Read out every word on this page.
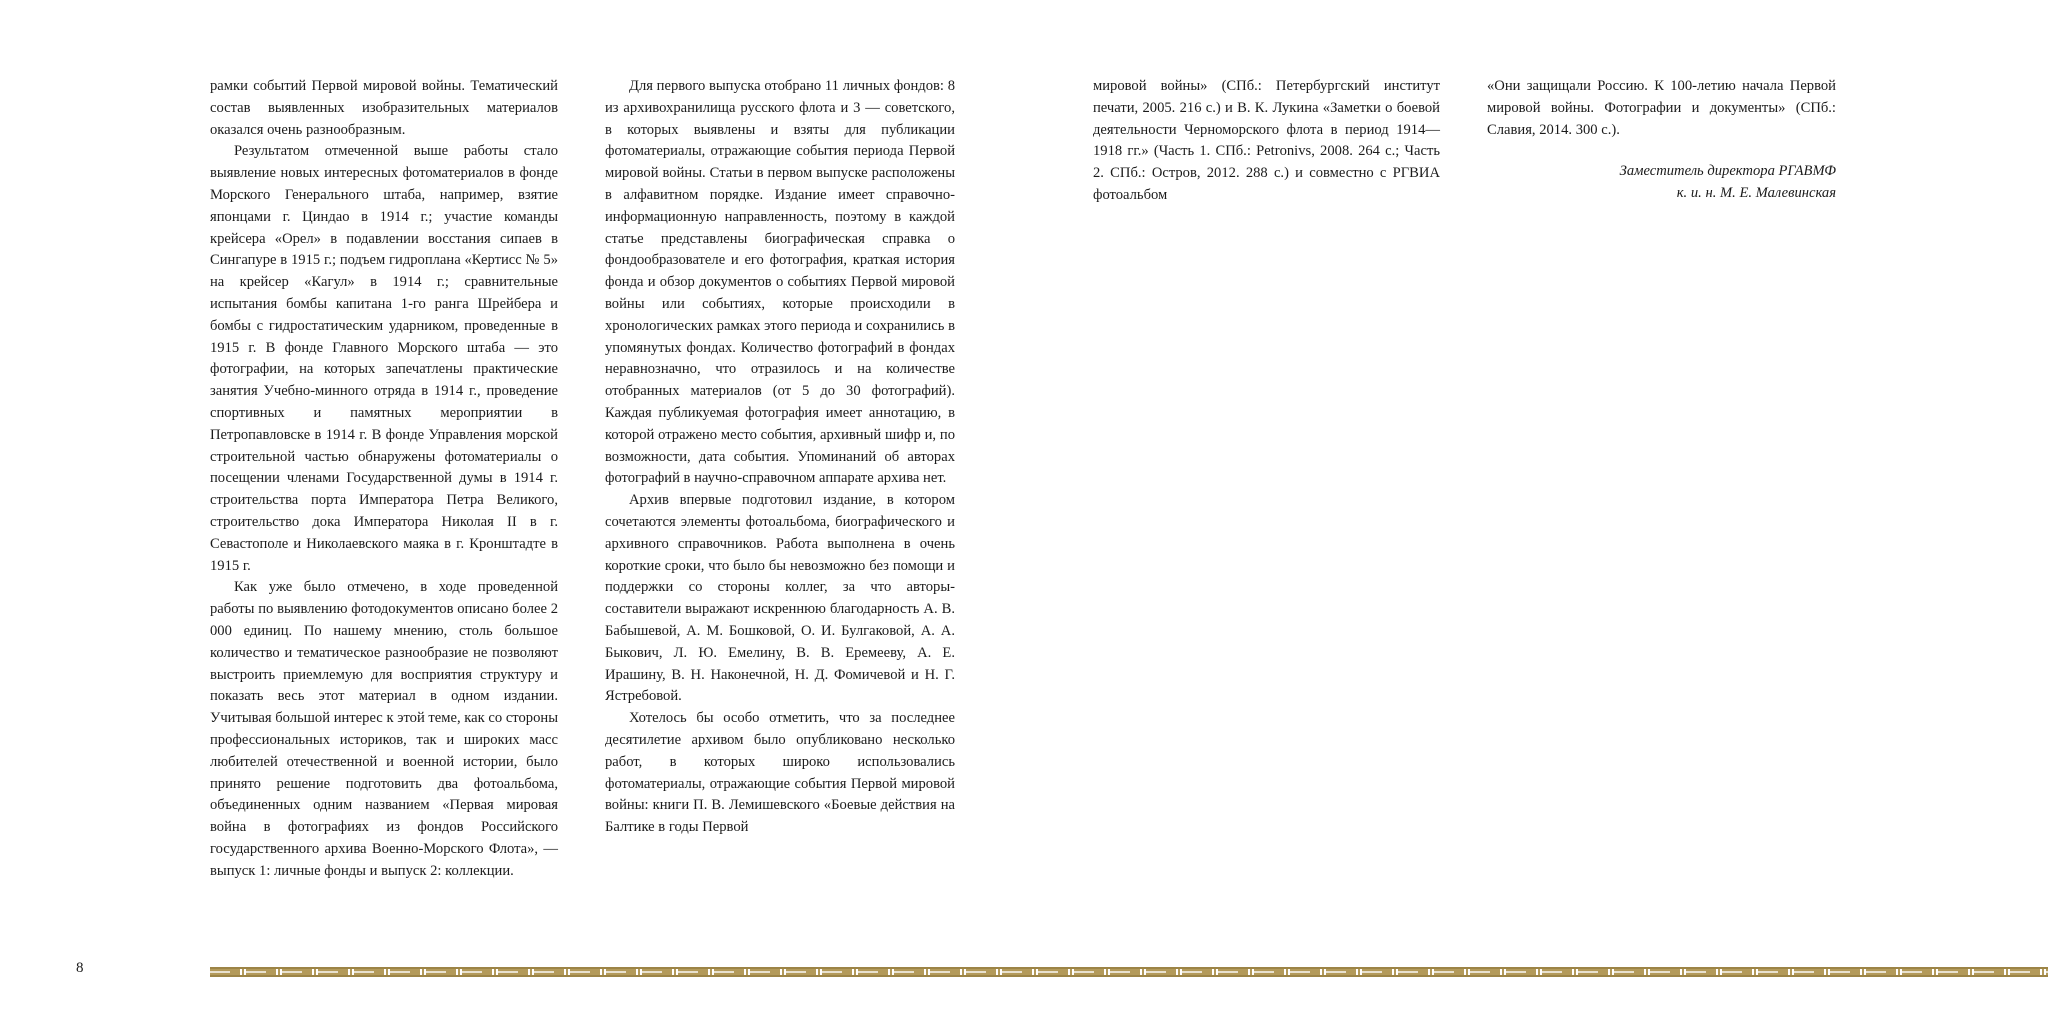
рамки событий Первой мировой войны. Тематический состав выявленных изобразительных материалов оказался очень разнообразным.

Результатом отмеченной выше работы стало выявление новых интересных фотоматериалов в фонде Морского Генерального штаба, например, взятие японцами г. Циндао в 1914 г.; участие команды крейсера «Орел» в подавлении восстания сипаев в Сингапуре в 1915 г.; подъем гидроплана «Кертисс № 5» на крейсер «Кагул» в 1914 г.; сравнительные испытания бомбы капитана 1-го ранга Шрейбера и бомбы с гидростатическим ударником, проведенные в 1915 г. В фонде Главного Морского штаба — это фотографии, на которых запечатлены практические занятия Учебно-минного отряда в 1914 г., проведение спортивных и памятных мероприятии в Петропавловске в 1914 г. В фонде Управления морской строительной частью обнаружены фотоматериалы о посещении членами Государственной думы в 1914 г. строительства порта Императора Петра Великого, строительство дока Императора Николая II в г. Севастополе и Николаевского маяка в г. Кронштадте в 1915 г.

Как уже было отмечено, в ходе проведенной работы по выявлению фотодокументов описано более 2 000 единиц. По нашему мнению, столь большое количество и тематическое разнообразие не позволяют выстроить приемлемую для восприятия структуру и показать весь этот материал в одном издании. Учитывая большой интерес к этой теме, как со стороны профессиональных историков, так и широких масс любителей отечественной и военной истории, было принято решение подготовить два фотоальбома, объединенных одним названием «Первая мировая война в фотографиях из фондов Российского государственного архива Военно-Морского Флота», — выпуск 1: личные фонды и выпуск 2: коллекции.

Для первого выпуска отобрано 11 личных фондов: 8 из архивохранилища русского флота и 3 — советского, в которых выявлены и взяты для публикации фотоматериалы, отражающие события периода Первой мировой войны. Статьи в первом выпуске расположены в алфавитном порядке. Издание имеет справочно-информационную направленность, поэтому в каждой статье представлены биографическая справка о фондообразователе и его фотография, краткая история фонда и обзор документов о событиях Первой мировой войны или событиях, которые происходили в хронологических рамках этого периода и сохранились в упомянутых фондах. Количество фотографий в фондах неравнозначно, что отразилось и на количестве отобранных материалов (от 5 до 30 фотографий). Каждая публикуемая фотография имеет аннотацию, в которой отражено место события, архивный шифр и, по возможности, дата события. Упоминаний об авторах фотографий в научно-справочном аппарате архива нет.

Архив впервые подготовил издание, в котором сочетаются элементы фотоальбома, биографического и архивного справочников. Работа выполнена в очень короткие сроки, что было бы невозможно без помощи и поддержки со стороны коллег, за что авторы-составители выражают искреннюю благодарность А. В. Бабышевой, А. М. Бошковой, О. И. Булгаковой, А. А. Быкович, Л. Ю. Емелину, В. В. Еремееву, А. Е. Ирашину, В. Н. Наконечной, Н. Д. Фомичевой и Н. Г. Ястребовой.

Хотелось бы особо отметить, что за последнее десятилетие архивом было опубликовано несколько работ, в которых широко использовались фотоматериалы, отражающие события Первой мировой войны: книги П. В. Лемишевского «Боевые действия на Балтике в годы Первой

мировой войны» (СПб.: Петербургский институт печати, 2005. 216 с.) и В. К. Лукина «Заметки о боевой деятельности Черноморского флота в период 1914—1918 гг.» (Часть 1. СПб.: Petronivs, 2008. 264 с.; Часть 2. СПб.: Остров, 2012. 288 с.) и совместно с РГВИА фотоальбом

«Они защищали Россию. К 100-летию начала Первой мировой войны. Фотографии и документы» (СПб.: Славия, 2014. 300 с.).

Заместитель директора РГАВМФ
к. и. н. М. Е. Малевинская
8
